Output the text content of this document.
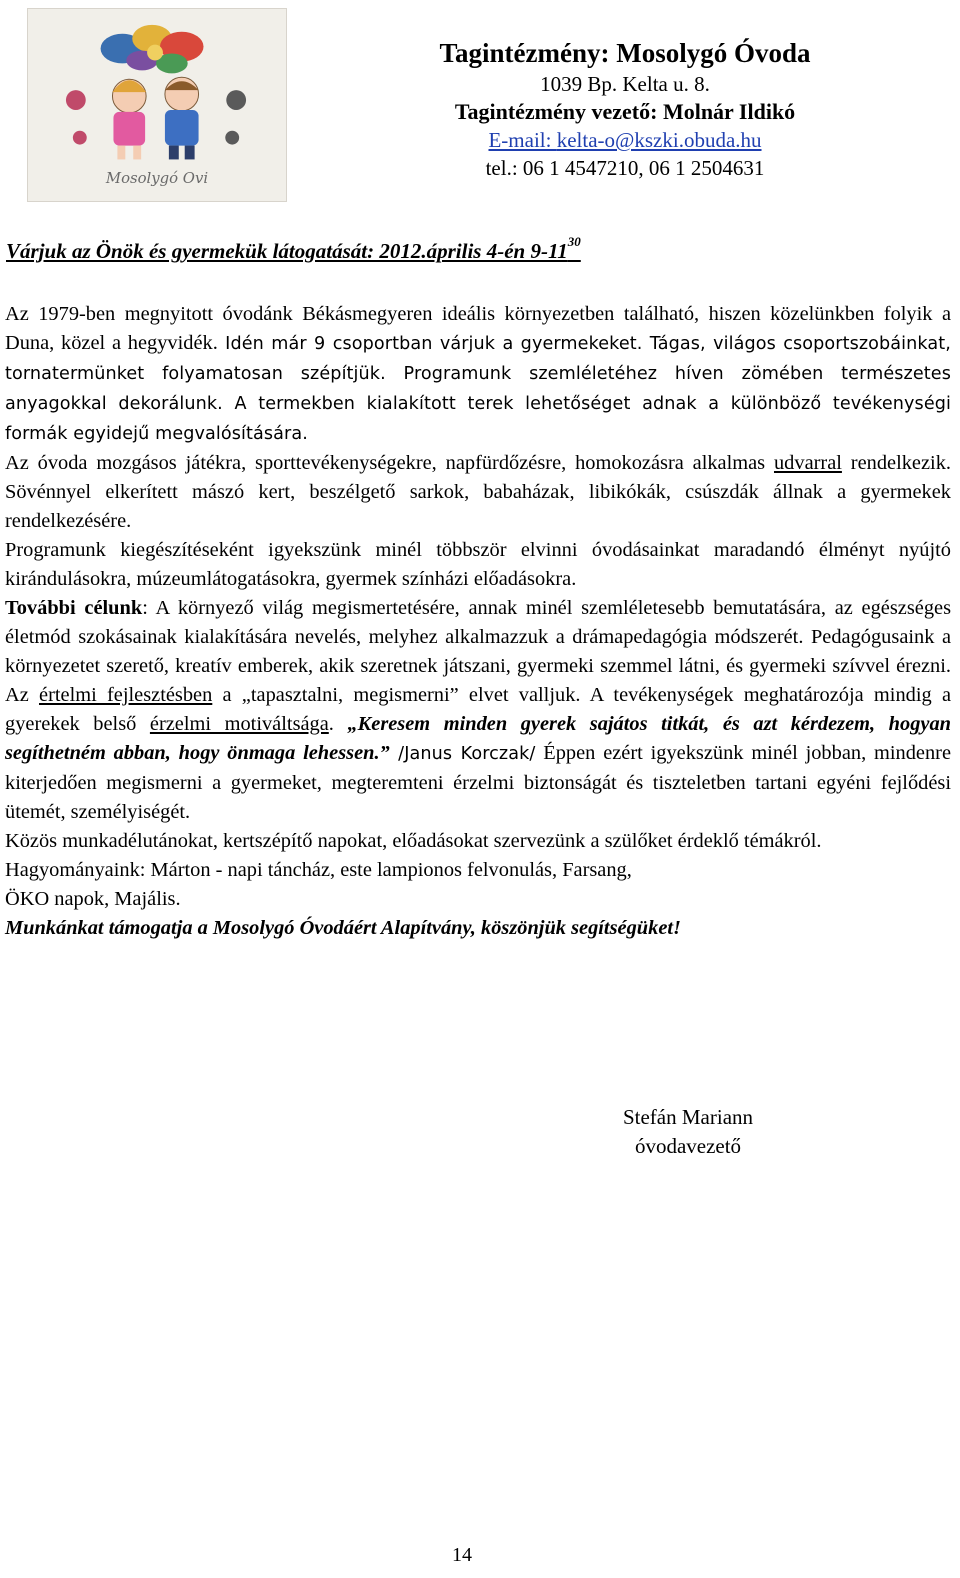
Mosolygó Ovi
Tagintézmény: Mosolygó Óvoda
1039 Bp. Kelta u. 8.
Tagintézmény vezető: Molnár Ildikó
E-mail: kelta-o@kszki.obuda.hu
tel.: 06 1 4547210, 06 1 2504631
Várjuk az Önök és gyermekük látogatását: 2012.április 4-én $9-11^{30}$

Az 1979-ben megnyitott óvodánk Békásmegyeren ideális környezetben található, hiszen közelünkben folyik a Duna, közel a hegyvidék. Idén már 9 csoportban várjuk a gyermekeket. Tágas, világos csoportszobáinkat, tornatermünket folyamatosan szépítjük. Programunk szemléletéhez híven zömében természetes anyagokkal dekorálunk. A termekben kialakított terek lehetőséget adnak a különböző tevékenységi formák egyidejű megvalósítására.

Az óvoda mozgásos játékra, sporttevékenységekre, napfürdőzésre, homokozásra alkalmas udvarral rendelkezik. Sövénnyel elkerített mászó kert, beszélgető sarkok, babaházak, libikókák, csúszdák állnak a gyermekek rendelkezésére.

Programunk kiegészítéseként igyekszünk minél többször elvinni óvodásainkat maradandó élményt nyújtó kirándulásokra, múzeumlátogatásokra, gyermek színházi előadásokra.

További célunk: A környező világ megismertetésére, annak minél szemléletesebb bemutatására, az egészséges életmód szokásainak kialakítására nevelés, melyhez alkalmazzuk a drámapedagógia módszerét. Pedagógusaink a környezetet szerető, kreatív emberek, akik szeretnek játszani, gyermeki szemmel látni, és gyermeki szívvel érezni. Az értelmi fejlesztésben a „tapasztalni, megismerni” elvet valljuk. A tevékenységek meghatározója mindig a gyerekek belső érzelmi motiváltsága. „Keresem minden gyerek sajátos titkát, és azt kérdezem, hogyan segíthetném abban, hogy önmaga lehessen.” /Janus Korczak/ Éppen ezért igyekszünk minél jobban, mindenre kiterjedően megismerni a gyermeket, megteremteni érzelmi biztonságát és tiszteletben tartani egyéni fejlődési ütemét, személyiségét.

Közös munkadélutánokat, kertszépítő napokat, előadásokat szervezünk a szülőket érdeklő témákról.

Hagyományaink: Márton - napi táncház, este lampionos felvonulás, Farsang,
ÖKO napok, Majális.

Munkánkat támogatja a Mosolygó Óvodáért Alapítvány, köszönjük segítségüket!

Stefán Mariann
óvodavezető
14
